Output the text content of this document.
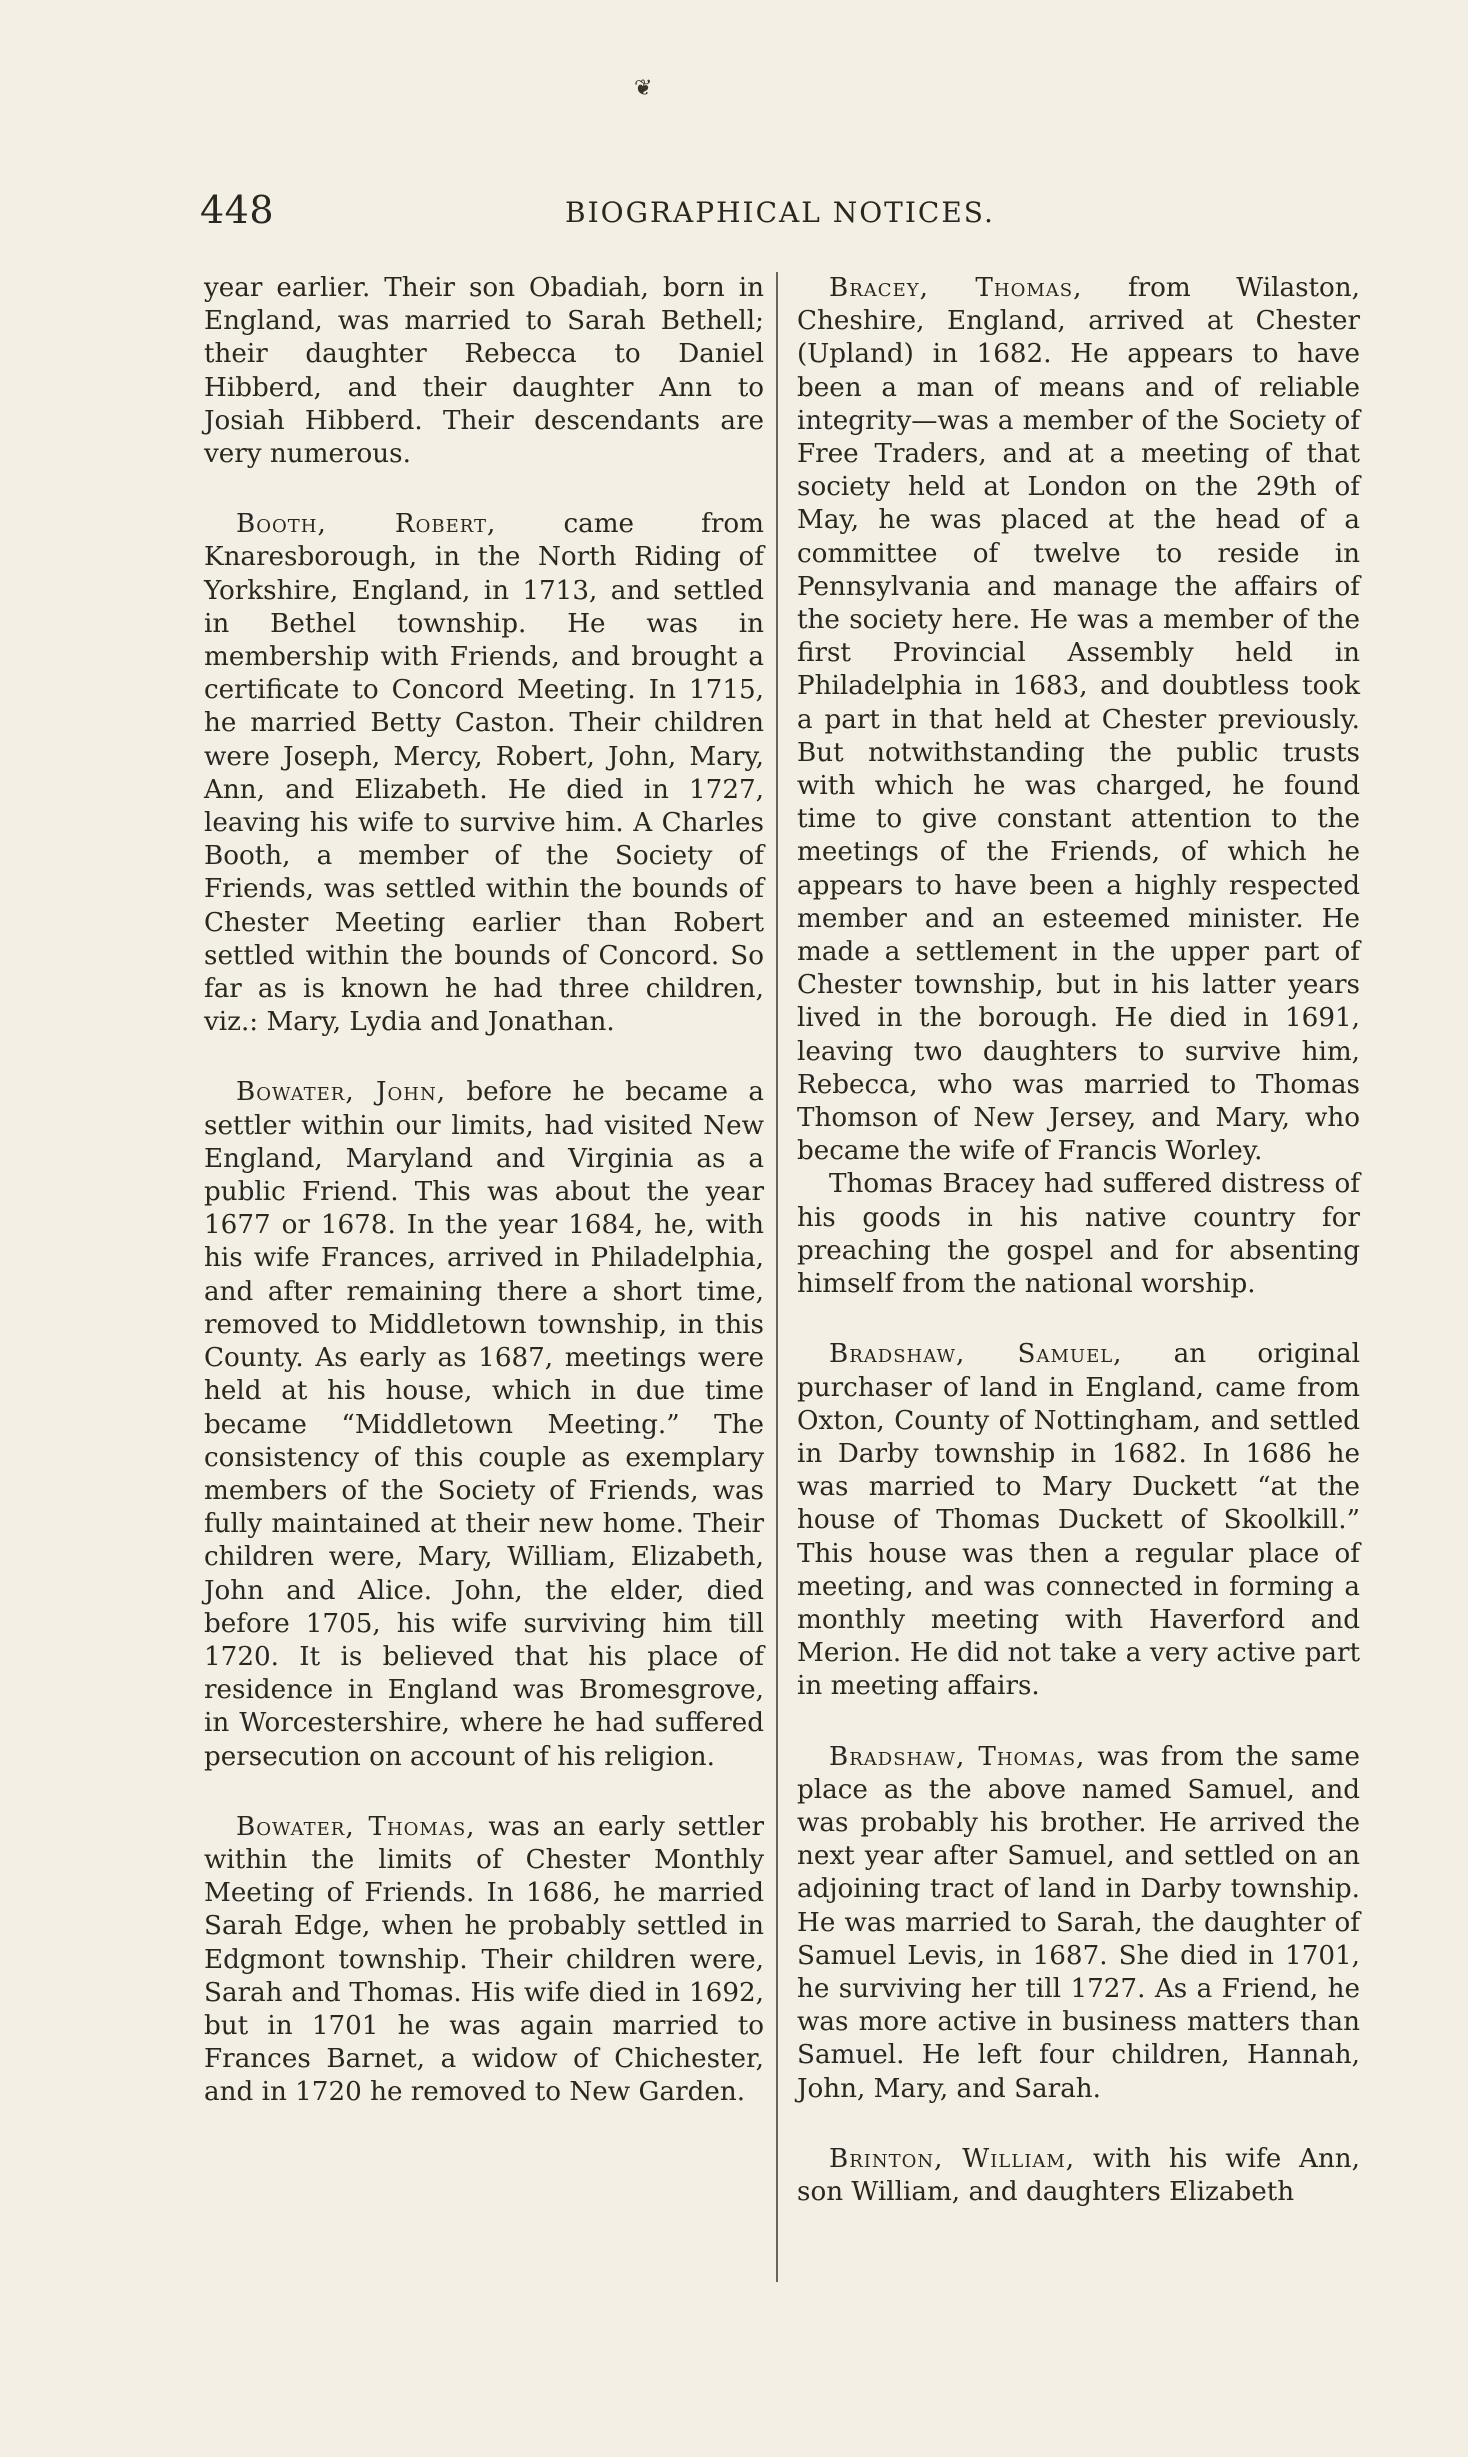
❦
448	BIOGRAPHICAL NOTICES.

year earlier. Their son Obadiah, born in England, was married to Sarah Bethell; their daughter Rebecca to Daniel Hibberd, and their daughter Ann to Josiah Hibberd. Their descendants are very numerous.

Booth, Robert, came from Knaresborough, in the North Riding of Yorkshire, England, in 1713, and settled in Bethel township. He was in membership with Friends, and brought a certificate to Concord Meeting. In 1715, he married Betty Caston. Their children were Joseph, Mercy, Robert, John, Mary, Ann, and Elizabeth. He died in 1727, leaving his wife to survive him. A Charles Booth, a member of the Society of Friends, was settled within the bounds of Chester Meeting earlier than Robert settled within the bounds of Concord. So far as is known he had three children, viz.: Mary, Lydia and Jonathan.

Bowater, John, before he became a settler within our limits, had visited New England, Maryland and Virginia as a public Friend. This was about the year 1677 or 1678. In the year 1684, he, with his wife Frances, arrived in Philadelphia, and after remaining there a short time, removed to Middletown township, in this County. As early as 1687, meetings were held at his house, which in due time became “Middletown Meeting.” The consistency of this couple as exemplary members of the Society of Friends, was fully maintained at their new home. Their children were, Mary, William, Elizabeth, John and Alice. John, the elder, died before 1705, his wife surviving him till 1720. It is believed that his place of residence in England was Bromesgrove, in Worcestershire, where he had suffered persecution on account of his religion.

Bowater, Thomas, was an early settler within the limits of Chester Monthly Meeting of Friends. In 1686, he married Sarah Edge, when he probably settled in Edgmont township. Their children were, Sarah and Thomas. His wife died in 1692, but in 1701 he was again married to Frances Barnet, a widow of Chichester, and in 1720 he removed to New Garden.

Bracey, Thomas, from Wilaston, Cheshire, England, arrived at Chester (Upland) in 1682. He appears to have been a man of means and of reliable integrity—was a member of the Society of Free Traders, and at a meeting of that society held at London on the 29th of May, he was placed at the head of a committee of twelve to reside in Pennsylvania and manage the affairs of the society here. He was a member of the first Provincial Assembly held in Philadelphia in 1683, and doubtless took a part in that held at Chester previously. But notwithstanding the public trusts with which he was charged, he found time to give constant attention to the meetings of the Friends, of which he appears to have been a highly respected member and an esteemed minister. He made a settlement in the upper part of Chester township, but in his latter years lived in the borough. He died in 1691, leaving two daughters to survive him, Rebecca, who was married to Thomas Thomson of New Jersey, and Mary, who became the wife of Francis Worley.

Thomas Bracey had suffered distress of his goods in his native country for preaching the gospel and for absenting himself from the national worship.

Bradshaw, Samuel, an original purchaser of land in England, came from Oxton, County of Nottingham, and settled in Darby township in 1682. In 1686 he was married to Mary Duckett “at the house of Thomas Duckett of Skoolkill.” This house was then a regular place of meeting, and was connected in forming a monthly meeting with Haverford and Merion. He did not take a very active part in meeting affairs.

Bradshaw, Thomas, was from the same place as the above named Samuel, and was probably his brother. He arrived the next year after Samuel, and settled on an adjoining tract of land in Darby township. He was married to Sarah, the daughter of Samuel Levis, in 1687. She died in 1701, he surviving her till 1727. As a Friend, he was more active in business matters than Samuel. He left four children, Hannah, John, Mary, and Sarah.

Brinton, William, with his wife Ann, son William, and daughters Elizabeth
